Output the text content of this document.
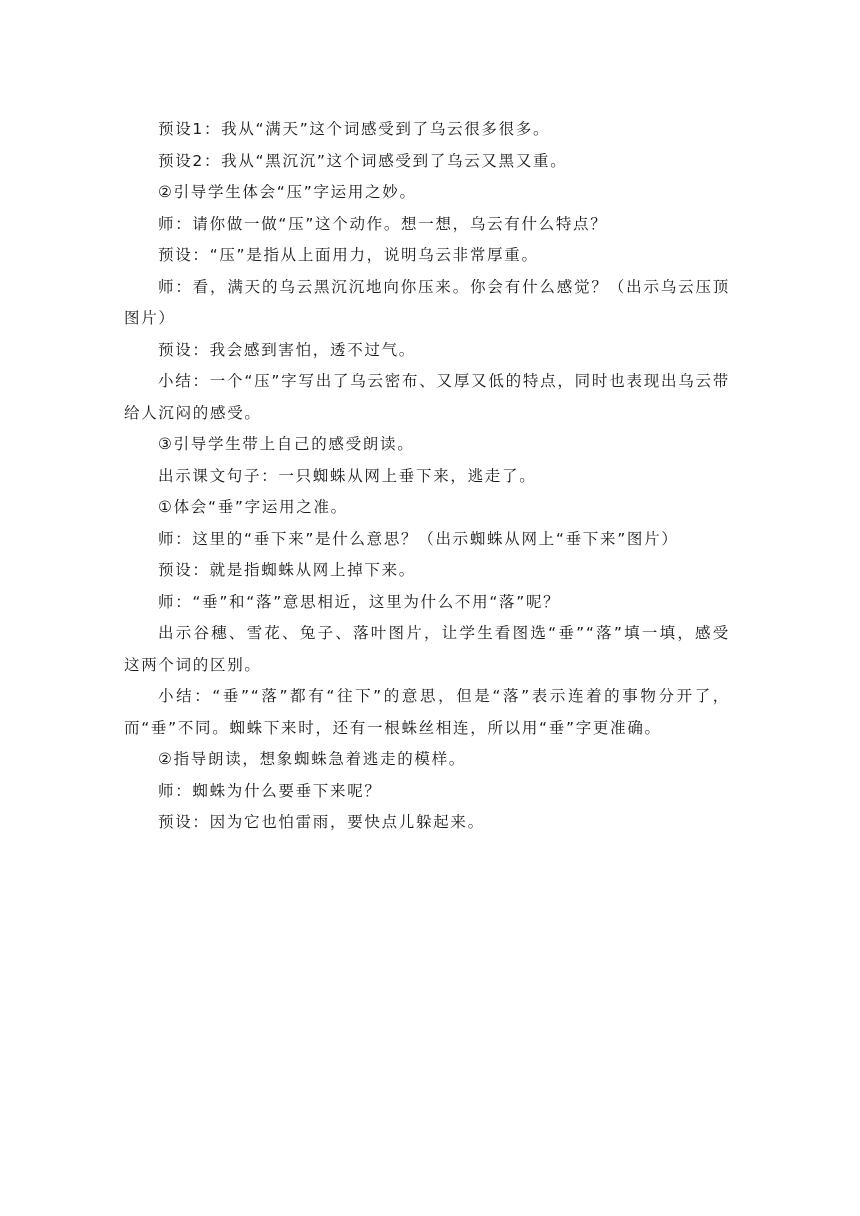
预设1：我从“满天”这个词感受到了乌云很多很多。

预设2：我从“黑沉沉”这个词感受到了乌云又黑又重。

②引导学生体会“压”字运用之妙。

师：请你做一做“压”这个动作。想一想，乌云有什么特点？

预设：“压”是指从上面用力，说明乌云非常厚重。

师：看，满天的乌云黑沉沉地向你压来。你会有什么感觉？（出示乌云压顶图片）

预设：我会感到害怕，透不过气。

小结：一个“压”字写出了乌云密布、又厚又低的特点，同时也表现出乌云带给人沉闷的感受。

③引导学生带上自己的感受朗读。

出示课文句子：一只蜘蛛从网上垂下来，逃走了。

①体会“垂”字运用之准。

师：这里的“垂下来”是什么意思？（出示蜘蛛从网上“垂下来”图片）

预设：就是指蜘蛛从网上掉下来。

师：“垂”和“落”意思相近，这里为什么不用“落”呢？

出示谷穗、雪花、兔子、落叶图片，让学生看图选“垂”“落”填一填，感受这两个词的区别。

小结：“垂”“落”都有“往下”的意思，但是“落”表示连着的事物分开了，而“垂”不同。蜘蛛下来时，还有一根蛛丝相连，所以用“垂”字更准确。

②指导朗读，想象蜘蛛急着逃走的模样。

师：蜘蛛为什么要垂下来呢？

预设：因为它也怕雷雨，要快点儿躲起来。
